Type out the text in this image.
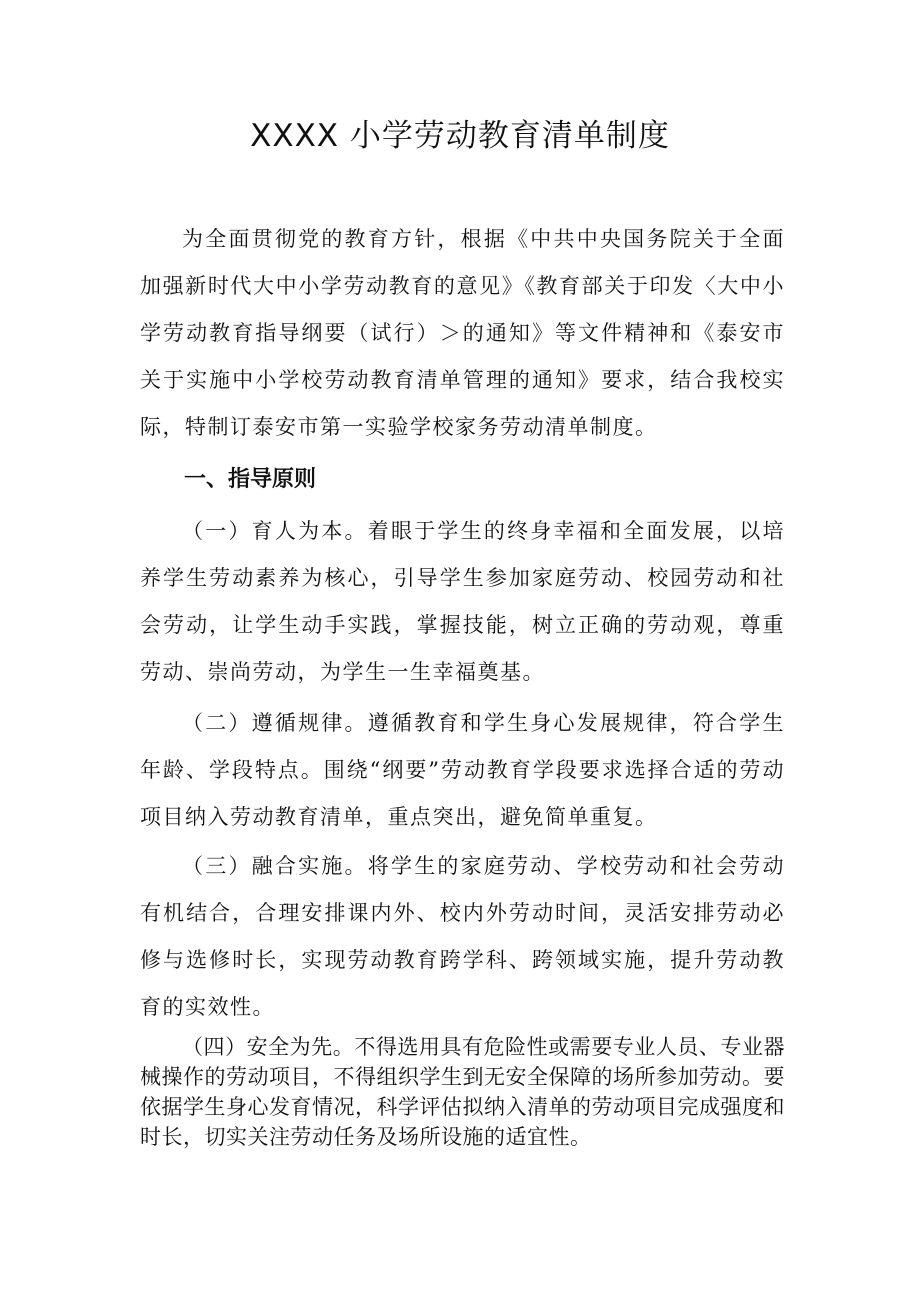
XXXX 小学劳动教育清单制度

为全面贯彻党的教育方针，根据《中共中央国务院关于全面加强新时代大中小学劳动教育的意见》《教育部关于印发〈大中小学劳动教育指导纲要（试行）＞的通知》等文件精神和《泰安市关于实施中小学校劳动教育清单管理的通知》要求，结合我校实际，特制订泰安市第一实验学校家务劳动清单制度。

一、指导原则

（一）育人为本。着眼于学生的终身幸福和全面发展，以培养学生劳动素养为核心，引导学生参加家庭劳动、校园劳动和社会劳动，让学生动手实践，掌握技能，树立正确的劳动观，尊重劳动、崇尚劳动，为学生一生幸福奠基。

（二）遵循规律。遵循教育和学生身心发展规律，符合学生年龄、学段特点。围绕“纲要”劳动教育学段要求选择合适的劳动项目纳入劳动教育清单，重点突出，避免简单重复。

（三）融合实施。将学生的家庭劳动、学校劳动和社会劳动有机结合，合理安排课内外、校内外劳动时间，灵活安排劳动必修与选修时长，实现劳动教育跨学科、跨领域实施，提升劳动教育的实效性。

（四）安全为先。不得选用具有危险性或需要专业人员、专业器械操作的劳动项目，不得组织学生到无安全保障的场所参加劳动。要依据学生身心发育情况，科学评估拟纳入清单的劳动项目完成强度和时长，切实关注劳动任务及场所设施的适宜性。
